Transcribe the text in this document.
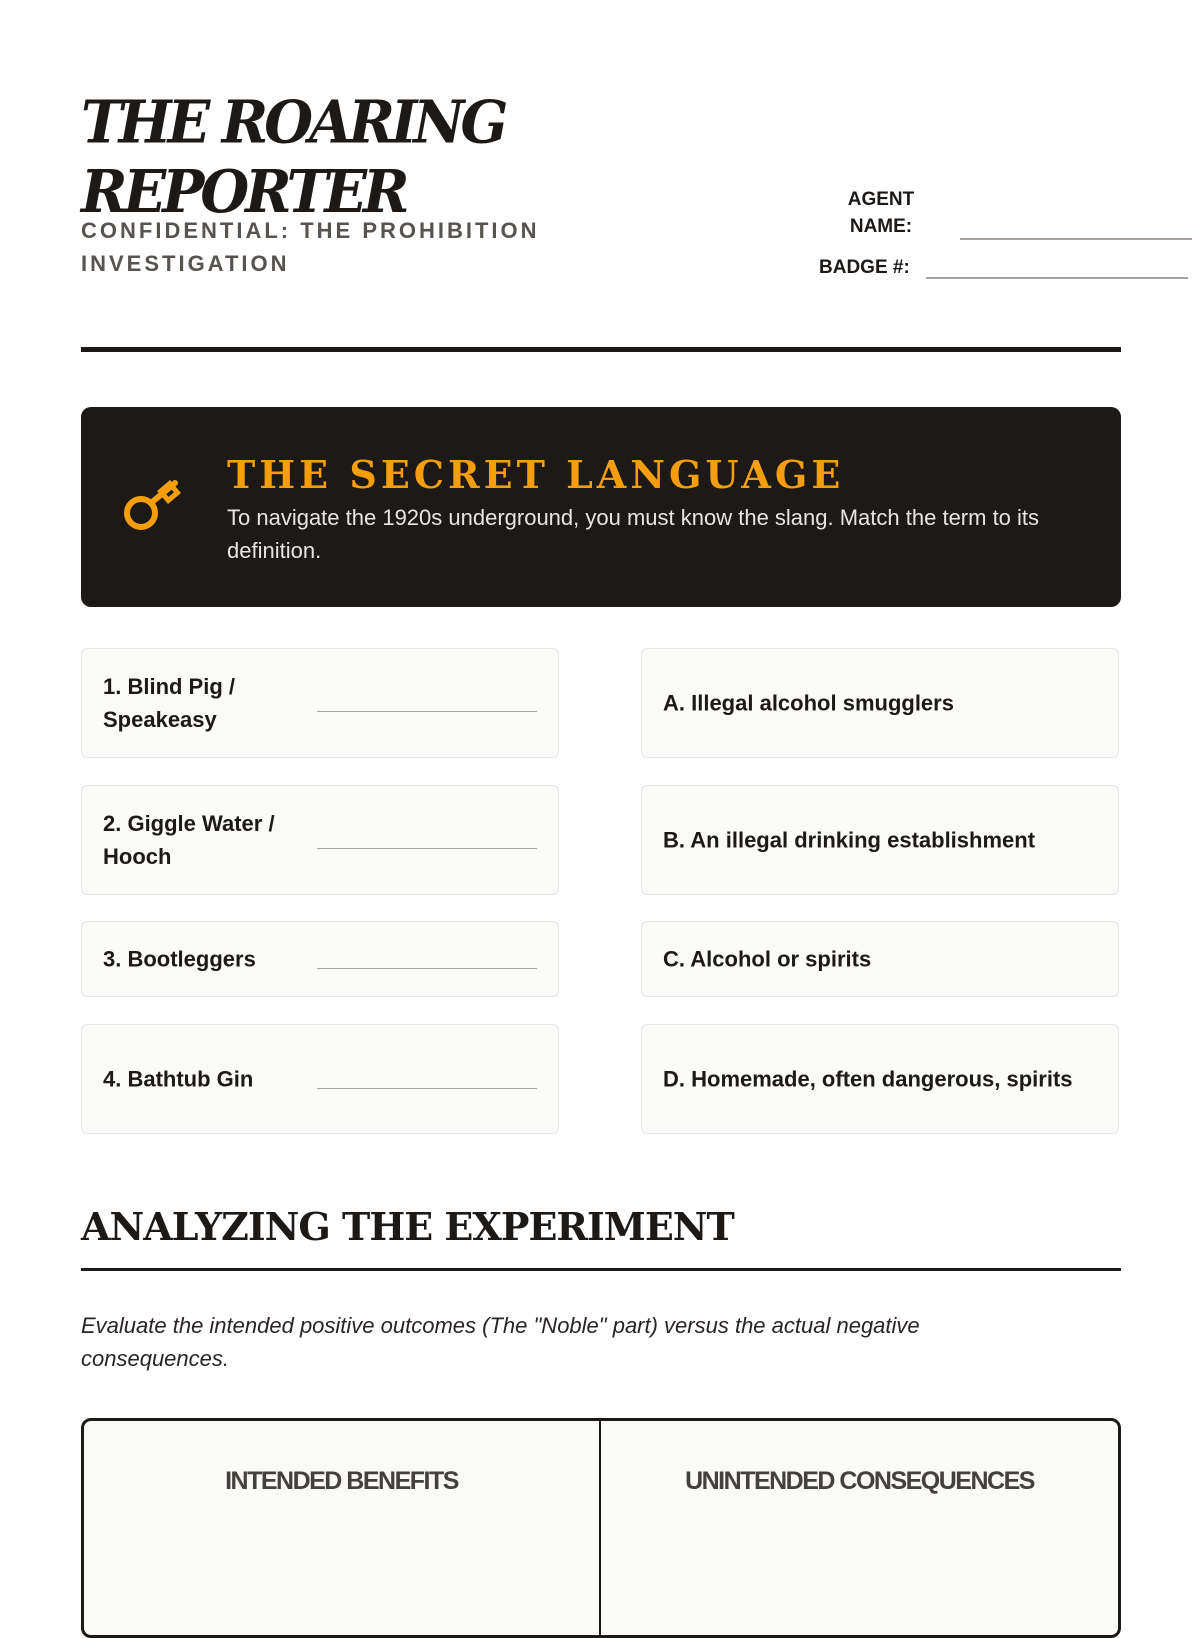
THE ROARING REPORTER
CONFIDENTIAL: THE PROHIBITION INVESTIGATION
AGENT NAME:
BADGE #:
THE SECRET LANGUAGE
To navigate the 1920s underground, you must know the slang. Match the term to its definition.
1. Blind Pig / Speakeasy
2. Giggle Water / Hooch
3. Bootleggers
4. Bathtub Gin
A. Illegal alcohol smugglers
B. An illegal drinking establishment
C. Alcohol or spirits
D. Homemade, often dangerous, spirits
ANALYZING THE EXPERIMENT
Evaluate the intended positive outcomes (The "Noble" part) versus the actual negative consequences.
INTENDED BENEFITS	UNINTENDED CONSEQUENCES
